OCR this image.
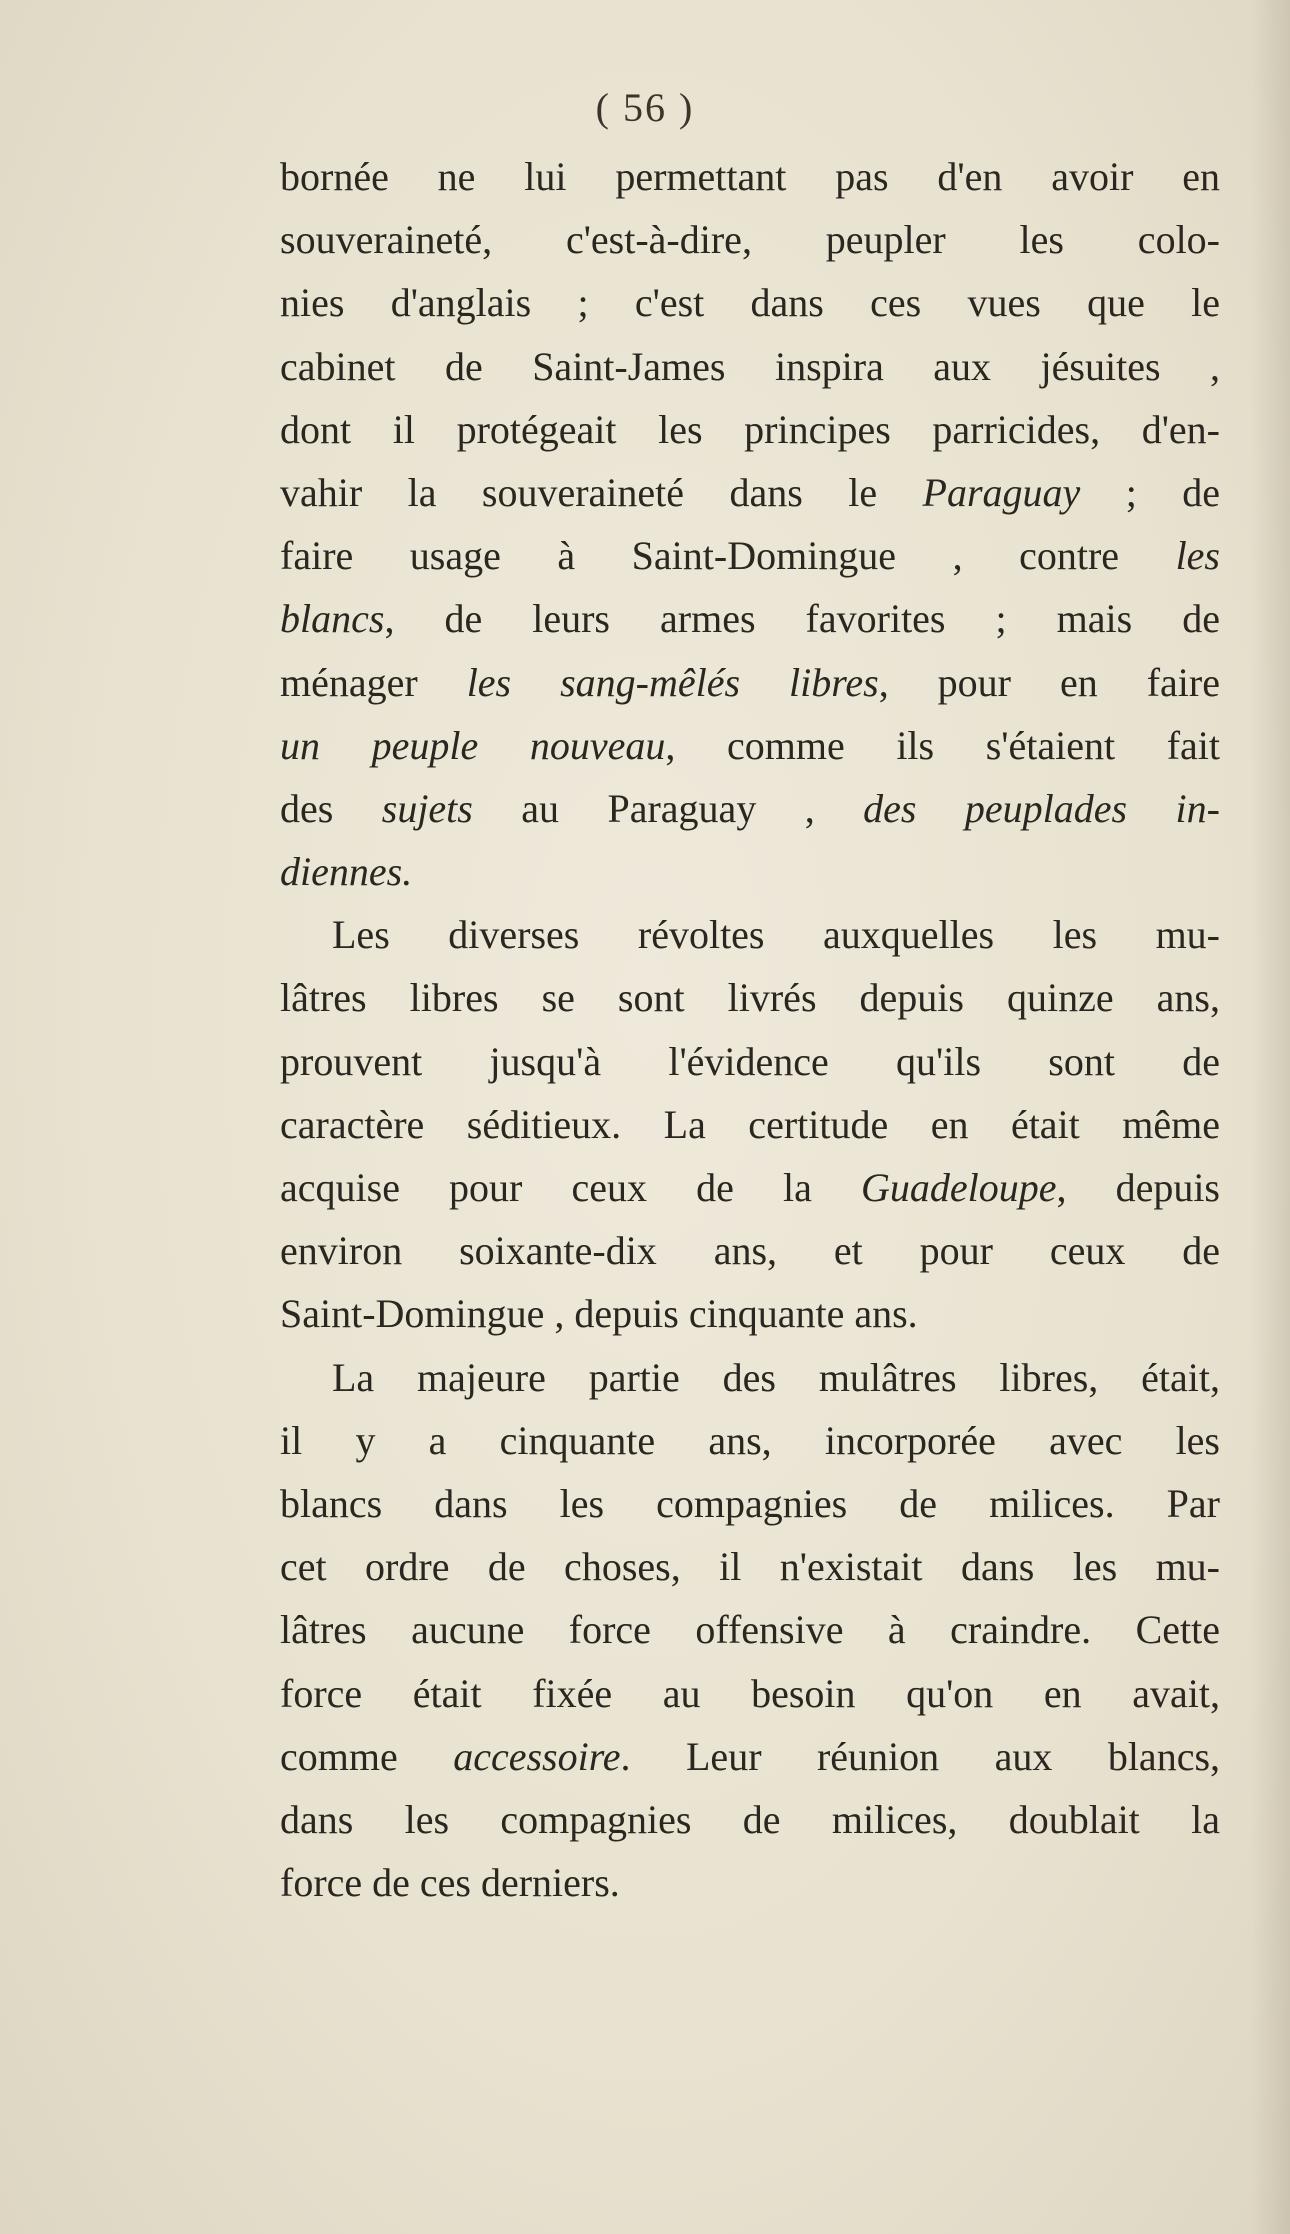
( 56 )
bornée ne lui permettant pas d'en avoir en
souveraineté, c'est-à-dire, peupler les colo-
nies d'anglais ; c'est dans ces vues que le
cabinet de Saint-James inspira aux jésuites ,
dont il protégeait les principes parricides, d'en-
vahir la souveraineté dans le Paraguay ; de
faire usage à Saint-Domingue , contre les
blancs, de leurs armes favorites ; mais de
ménager les sang-mêlés libres, pour en faire
un peuple nouveau, comme ils s'étaient fait
des sujets au Paraguay , des peuplades in-
diennes.
Les diverses révoltes auxquelles les mu-
lâtres libres se sont livrés depuis quinze ans,
prouvent jusqu'à l'évidence qu'ils sont de
caractère séditieux. La certitude en était même
acquise pour ceux de la Guadeloupe, depuis
environ soixante-dix ans, et pour ceux de
Saint-Domingue , depuis cinquante ans.
La majeure partie des mulâtres libres, était,
il y a cinquante ans, incorporée avec les
blancs dans les compagnies de milices. Par
cet ordre de choses, il n'existait dans les mu-
lâtres aucune force offensive à craindre. Cette
force était fixée au besoin qu'on en avait,
comme accessoire. Leur réunion aux blancs,
dans les compagnies de milices, doublait la
force de ces derniers.
